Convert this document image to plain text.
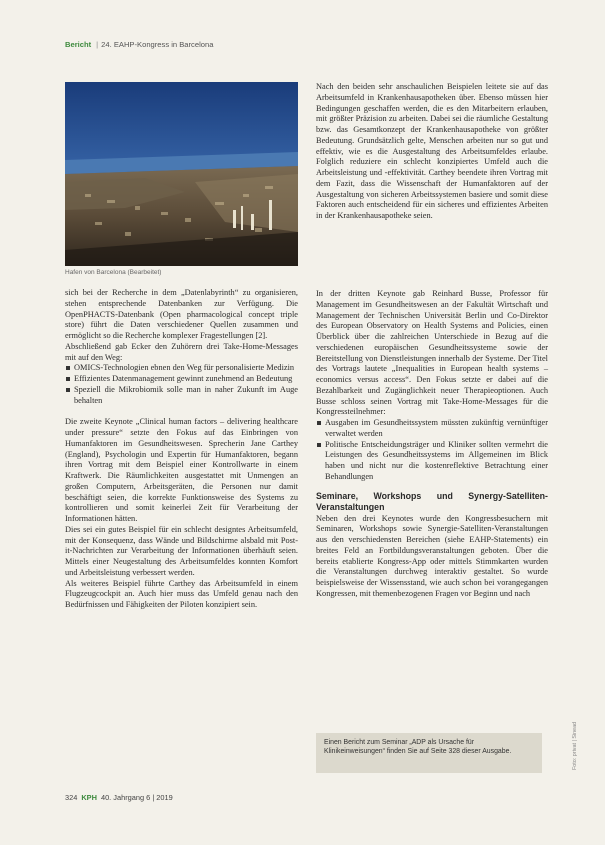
Bericht | 24. EAHP-Kongress in Barcelona
Hafen von Barcelona (Bearbeitet)

Nach den beiden sehr anschaulichen Beispielen leitete sie auf das Arbeitsumfeld in Krankenhausapotheken über. Ebenso müssen hier Bedingungen geschaffen werden, die es den Mitarbeitern erlauben, mit größter Präzision zu arbeiten. Dabei sei die räumliche Gestaltung bzw. das Gesamtkonzept der Krankenhausapotheke von größter Bedeutung. Grundsätzlich gelte, Menschen arbeiten nur so gut und effektiv, wie es die Ausgestaltung des Arbeitsumfeldes erlaube. Folglich reduziere ein schlecht konzipiertes Umfeld auch die Arbeitsleistung und -effektivität. Carthey beendete ihren Vortrag mit dem Fazit, dass die Wissenschaft der Humanfaktoren auf der Ausgestaltung von sicheren Arbeitssystemen basiere und somit diese Faktoren auch entscheidend für ein sicheres und effizientes Arbeiten in der Krankenhausapotheke seien.

sich bei der Recherche in dem „Datenlabyrinth“ zu organisieren, stehen entsprechende Datenbanken zur Verfügung. Die OpenPHACTS-Datenbank (Open pharmacological concept triple store) führt die Daten verschiedener Quellen zusammen und ermöglicht so die Recherche komplexer Fragestellungen [2].

Abschließend gab Ecker den Zuhörern drei Take-Home-Messages mit auf den Weg:

OMICS-Technologien ebnen den Weg für personalisierte Medizin
Effizientes Datenmanagement gewinnt zunehmend an Bedeutung
Speziell die Mikrobiomik solle man in naher Zukunft im Auge behalten

Die zweite Keynote „Clinical human factors – delivering healthcare under pressure“ setzte den Fokus auf das Einbringen von Humanfaktoren im Gesundheitswesen. Sprecherin Jane Carthey (England), Psychologin und Expertin für Humanfaktoren, begann ihren Vortrag mit dem Beispiel einer Kontrollwarte in einem Kraftwerk. Die Räumlichkeiten ausgestattet mit Unmengen an großen Computern, Arbeitsgeräten, die Personen nur damit beschäftigt seien, die korrekte Funktionsweise des Systems zu kontrollieren und somit keinerlei Zeit für Verarbeitung der Informationen hätten.

Dies sei ein gutes Beispiel für ein schlecht designtes Arbeitsumfeld, mit der Konsequenz, dass Wände und Bildschirme alsbald mit Post-it-Nachrichten zur Verarbeitung der Informationen überhäuft seien. Mittels einer Neugestaltung des Arbeitsumfeldes konnten Komfort und Arbeitsleistung verbessert werden.

Als weiteres Beispiel führte Carthey das Arbeitsumfeld in einem Flugzeugcockpit an. Auch hier muss das Umfeld genau nach den Bedürfnissen und Fähigkeiten der Piloten konzipiert sein.

In der dritten Keynote gab Reinhard Busse, Professor für Management im Gesundheitswesen an der Fakultät Wirtschaft und Management der Technischen Universität Berlin und Co-Direktor des European Observatory on Health Systems and Policies, einen Überblick über die zahlreichen Unterschiede in Bezug auf die verschiedenen europäischen Gesundheitssysteme sowie der Bereitstellung von Dienstleistungen innerhalb der Systeme. Der Titel des Vortrags lautete „Inequalities in European health systems – economics versus access“. Den Fokus setzte er dabei auf die Bezahlbarkeit und Zugänglichkeit neuer Therapieoptionen. Auch Busse schloss seinen Vortrag mit Take-Home-Messages für die Kongressteilnehmer:

Ausgaben im Gesundheitssystem müssten zukünftig vernünftiger verwaltet werden
Politische Entscheidungsträger und Kliniker sollten vermehrt die Leistungen des Gesundheitssystems im Allgemeinen im Blick haben und nicht nur die kostenreflektive Betrachtung einer Behandlungen
Seminare, Workshops und Synergy-Satelliten-Veranstaltungen

Neben den drei Keynotes wurde den Kongressbesuchern mit Seminaren, Workshops sowie Synergie-Satelliten-Veranstaltungen aus den verschiedensten Bereichen (siehe EAHP-Statements) ein breites Feld an Fortbildungsveranstaltungen geboten. Über die bereits etablierte Kongress-App oder mittels Stimmkarten wurden die Veranstaltungen durchweg interaktiv gestaltet. So wurde beispielsweise der Wissensstand, wie auch schon bei vorangegangen Kongressen, mit themenbezogenen Fragen vor Beginn und nach

Einen Bericht zum Seminar „ADP als Ursache für Klinikeinweisungen“ finden Sie auf Seite 328 dieser Ausgabe.	Foto: privat | Sinead
324 KPH 40. Jahrgang 6 | 2019
